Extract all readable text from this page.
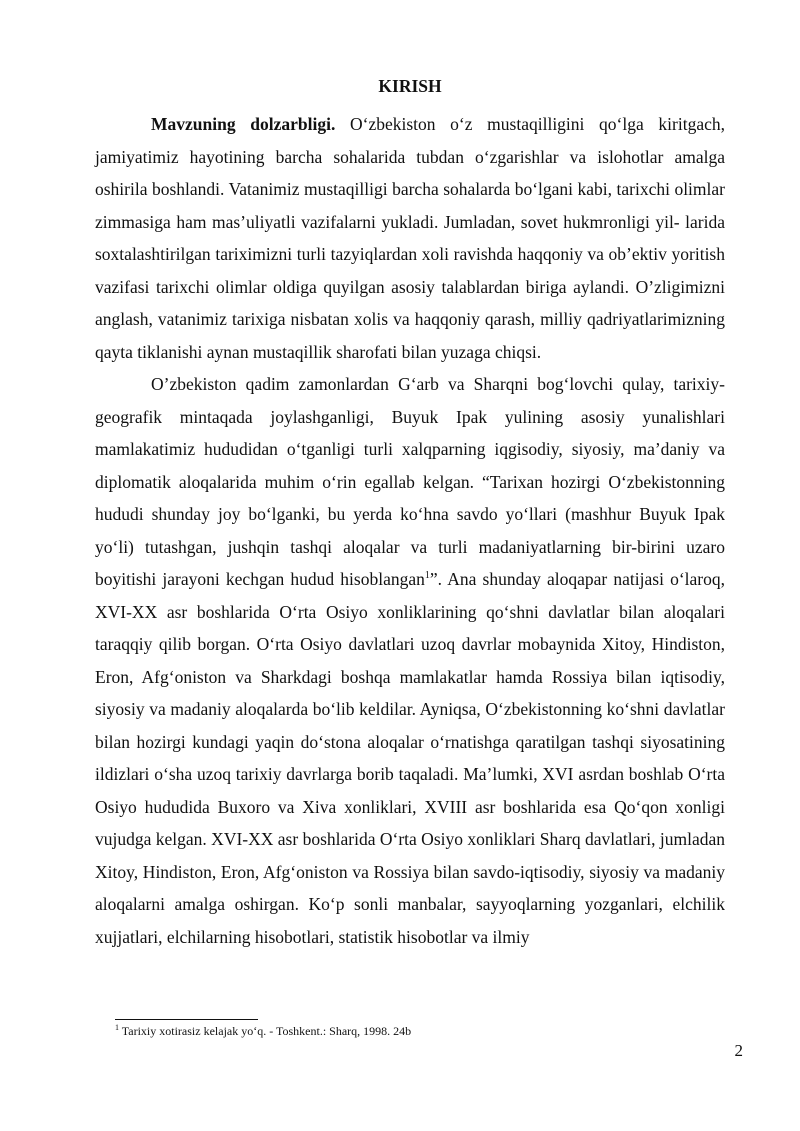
KIRISH

Mavzuning dolzarbligi. O‘zbekiston o‘z mustaqilligini qo‘lga kiritgach, jamiyatimiz hayotining barcha sohalarida tubdan o‘zgarishlar va islohotlar amalga oshirila boshlandi. Vatanimiz mustaqilligi barcha sohalarda bo‘lgani kabi, tarixchi olimlar zimmasiga ham mas’uliyatli vazifalarni yukladi. Jumladan, sovet hukmronligi yil- larida soxtalashtirilgan tariximizni turli tazyiqlardan xoli ravishda haqqoniy va ob’ektiv yoritish vazifasi tarixchi olimlar oldiga quyilgan asosiy talablardan biriga aylandi. O’zligimizni anglash, vatanimiz tarixiga nisbatan xolis va haqqoniy qarash, milliy qadriyatlarimizning qayta tiklanishi aynan mustaqillik sharofati bilan yuzaga chiqsi.

O’zbekiston qadim zamonlardan G‘arb va Sharqni bog‘lovchi qulay, tarixiy-geografik mintaqada joylashganligi, Buyuk Ipak yulining asosiy yunalishlari mamlakatimiz hududidan o‘tganligi turli xalqparning iqgisodiy, siyosiy, ma’daniy va diplomatik aloqalarida muhim o‘rin egallab kelgan. “Tarixan hozirgi O‘zbekistonning hududi shunday joy bo‘lganki, bu yerda ko‘hna savdo yo‘llari (mashhur Buyuk Ipak yo‘li) tutashgan, jushqin tashqi aloqalar va turli madaniyatlarning bir-birini uzaro boyitishi jarayoni kechgan hudud hisoblangan$^1$”. Ana shunday aloqapar natijasi o‘laroq, XVI-XX asr boshlarida O‘rta Osiyo xonliklarining qo‘shni davlatlar bilan aloqalari taraqqiy qilib borgan. O‘rta Osiyo davlatlari uzoq davrlar mobaynida Xitoy, Hindiston, Eron, Afg‘oniston va Sharkdagi boshqa mamlakatlar hamda Rossiya bilan iqtisodiy, siyosiy va madaniy aloqalarda bo‘lib keldilar. Ayniqsa, O‘zbekistonning ko‘shni davlatlar bilan hozirgi kundagi yaqin do‘stona aloqalar o‘rnatishga qaratilgan tashqi siyosatining ildizlari o‘sha uzoq tarixiy davrlarga borib taqaladi. Ma’lumki, XVI asrdan boshlab O‘rta Osiyo hududida Buxoro va Xiva xonliklari, XVIII asr boshlarida esa Qo‘qon xonligi vujudga kelgan. XVI-XX asr boshlarida O‘rta Osiyo xonliklari Sharq davlatlari, jumladan Xitoy, Hindiston, Eron, Afg‘oniston va Rossiya bilan savdo-iqtisodiy, siyosiy va madaniy aloqalarni amalga oshirgan. Ko‘p sonli manbalar, sayyoqlarning yozganlari, elchilik xujjatlari, elchilarning hisobotlari, statistik hisobotlar va ilmiy

$^1$ Tarixiy xotirasiz kelajak yo‘q. - Toshkent.: Sharq, 1998. 24b
2
